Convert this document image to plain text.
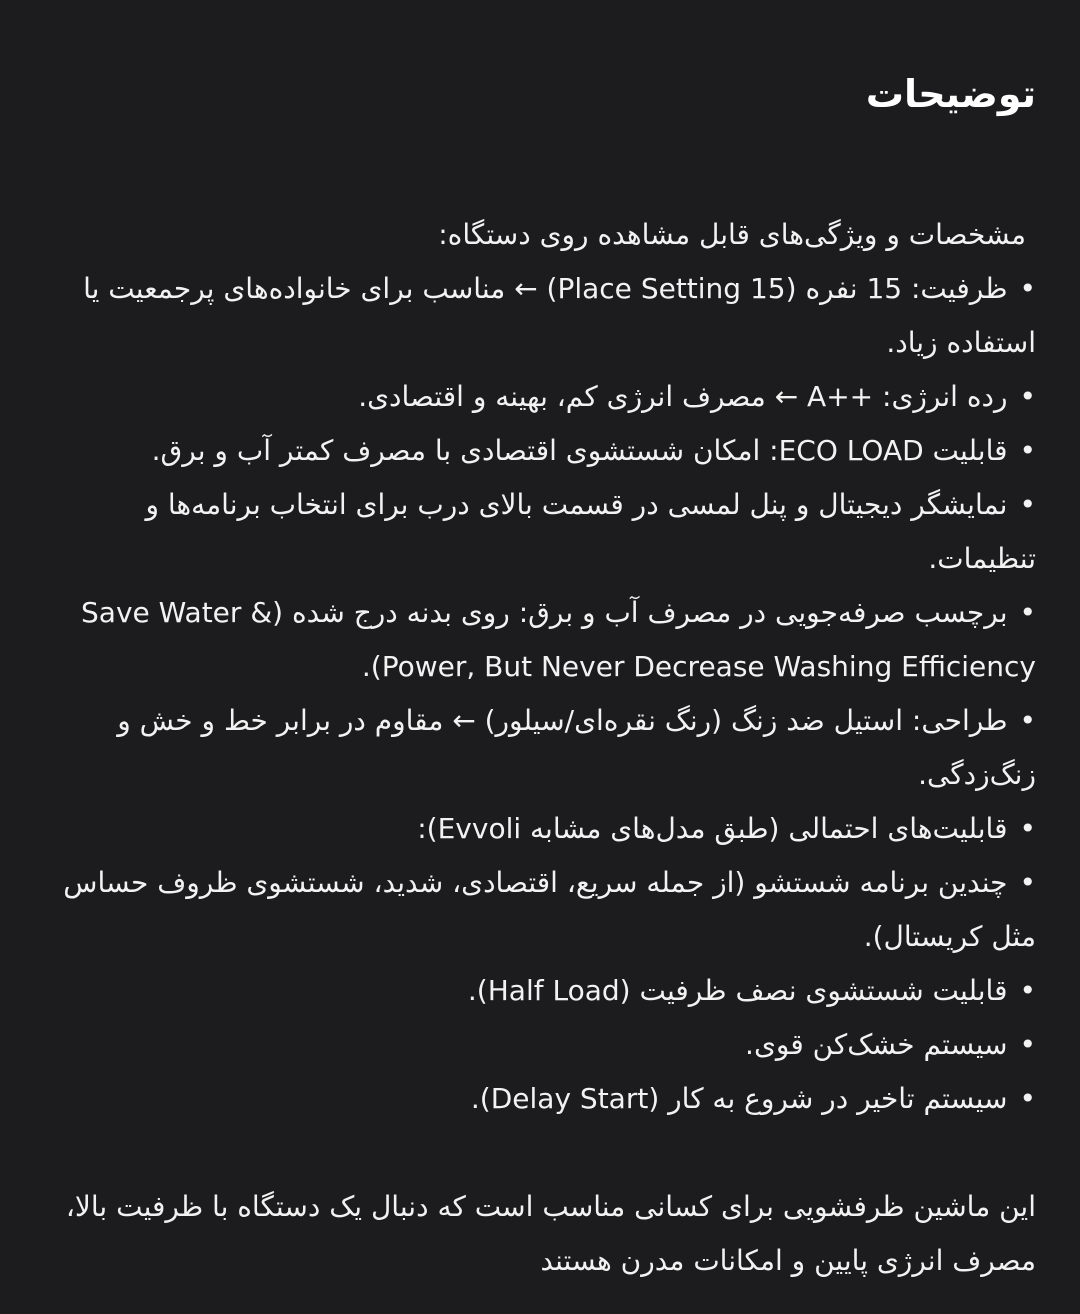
توضیحات

مشخصات و ویژگی‌های قابل مشاهده روی دستگاه:

•ظرفیت: 15 نفره (15 Place Setting) ← مناسب برای خانواده‌های پرجمعیت یا استفاده زیاد.
•رده انرژی: ++A ← مصرف انرژی کم، بهینه و اقتصادی.
•قابلیت ECO LOAD: امکان شستشوی اقتصادی با مصرف کمتر آب و برق.
•نمایشگر دیجیتال و پنل لمسی در قسمت بالای درب برای انتخاب برنامه‌ها و تنظیمات.
•برچسب صرفه‌جویی در مصرف آب و برق: روی بدنه درج شده (Save Water & Power, But Never Decrease Washing Efficiency).
•طراحی: استیل ضد زنگ (رنگ نقره‌ای/سیلور) ← مقاوم در برابر خط و خش و زنگ‌زدگی.
•قابلیت‌های احتمالی (طبق مدل‌های مشابه Evvoli):
•چندین برنامه شستشو (از جمله سریع، اقتصادی، شدید، شستشوی ظروف حساس مثل کریستال).
•قابلیت شستشوی نصف ظرفیت (Half Load).
•سیستم خشک‌کن قوی.
•سیستم تاخیر در شروع به کار (Delay Start).

این ماشین ظرفشویی برای کسانی مناسب است که دنبال یک دستگاه با ظرفیت بالا، مصرف انرژی پایین و امکانات مدرن هستند
